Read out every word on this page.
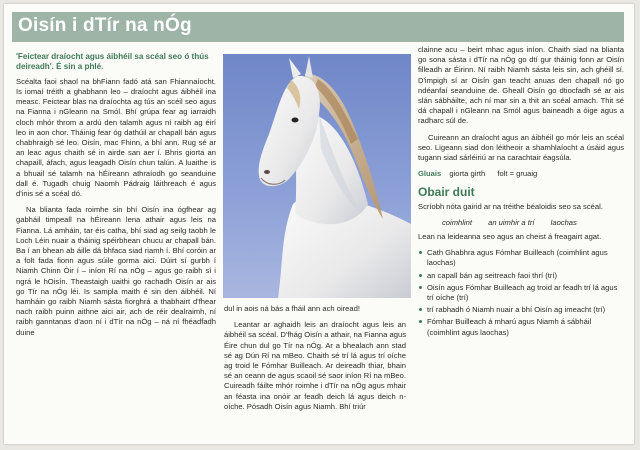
Oisín i dTír na nÓg

'Feictear draíocht agus áibhéil sa scéal seo ó thús deireadh'. É sin a phlé.

Scéalta faoi shaol na bhFiann fadó atá san Fhiannaíocht. Is iomaí tréith a ghabhann leo – draíocht agus áibhéil ina measc. Feictear blas na draíochta ag tús an scéil seo agus na Fianna i nGleann na Smól. Bhí grúpa fear ag iarraidh cloch mhór throm a ardú den talamh agus ní raibh ag éirí leo in aon chor. Tháinig fear óg dathúil ar chapall bán agus chabhraigh sé leo. Oisín, mac Fhinn, a bhí ann. Rug sé ar an leac agus chaith sé in airde san aer í. Bhris giorta an chapaill, áfach, agus leagadh Oisín chun talún. A luaithe is a bhuail sé talamh na hÉireann athraíodh go seanduine dall é. Tugadh chuig Naomh Pádraig láithreach é agus d'inis sé a scéal dó.

Na blianta fada roimhe sin bhí Oisín ina ógfhear ag gabháil timpeall na hÉireann lena athair agus leis na Fianna. Lá amháin, tar éis catha, bhí siad ag seilg taobh le Loch Léin nuair a tháinig spéirbhean chucu ar chapall bán. Ba í an bhean ab áille dá bhfaca siad riamh í. Bhí coróin ar a folt fada fionn agus súile gorma aici. Dúirt sí gurbh í Niamh Chinn Óir í – iníon Rí na nÓg – agus go raibh sí i ngrá le hOisín. Theastaigh uaithi go rachadh Oisín ar ais go Tír na nÓg léi. Is sampla maith é sin den áibhéil. Ní hamháin go raibh Niamh sásta fiorghrá a thabhairt d'fhear nach raibh puinn aithne aici air, ach de réir dealraimh, ní raibh ganntanas d'aon ní i dTír na nÓg – ná ní fhéadfadh duine

dul in aois ná bás a fháil ann ach oiread!

Leantar ar aghaidh leis an draíocht agus leis an áibhéil sa scéal. D'fhág Oisín a athair, na Fianna agus Éire chun dul go Tír na nÓg. Ar a bhealach ann stad sé ag Dún Rí na mBeo. Chaith sé trí lá agus trí oíche ag troid le Fómhar Builleach. Ar deireadh thiar, bhain sé an ceann de agus scaoil sé saor iníon Rí na mBeo. Cuireadh fáilte mhór roimhe i dTír na nÓg agus mhair an féasta ina onóir ar feadh deich lá agus deich n-oíche. Pósadh Oisín agus Niamh. Bhí triúr

clainne acu – beirt mhac agus iníon. Chaith siad na blianta go sona sásta i dTír na nÓg go dtí gur tháinig fonn ar Oisín filleadh ar Éirinn. Ní raibh Niamh sásta leis sin, ach ghéill sí. D'impigh sí ar Oisín gan teacht anuas den chapall nó go ndéanfaí seanduine de. Gheall Oisín go dtiocfadh sé ar ais slán sábháilte, ach ní mar sin a thit an scéal amach. Thit sé dá chapall i nGleann na Smól agus baineadh a óige agus a radharc súl de.

Cuireann an draíocht agus an áibhéil go mór leis an scéal seo. Ligeann siad don léitheoir a shamhlaíocht a úsáid agus tugann siad sárléiriú ar na carachtair éagsúla.

Gluais giorta girth folt = gruaig
Obair duit

Scríobh nóta gairid ar na tréithe béaloidis seo sa scéal.

coimhlint an uimhir a trí laochas

Lean na leideanna seo agus an cheist á freagairt agat.

Cath Ghabhra agus Fómhar Builleach (coimhlint agus laochas)
an capall bán ag seitreach faoi thrí (trí)
Oisín agus Fómhar Builleach ag troid ar feadh trí lá agus trí oíche (trí)
trí rabhadh ó Niamh nuair a bhí Oisín ag imeacht (trí)
Fómhar Builleach á mharú agus Niamh á sábháil (coimhlint agus laochas)
